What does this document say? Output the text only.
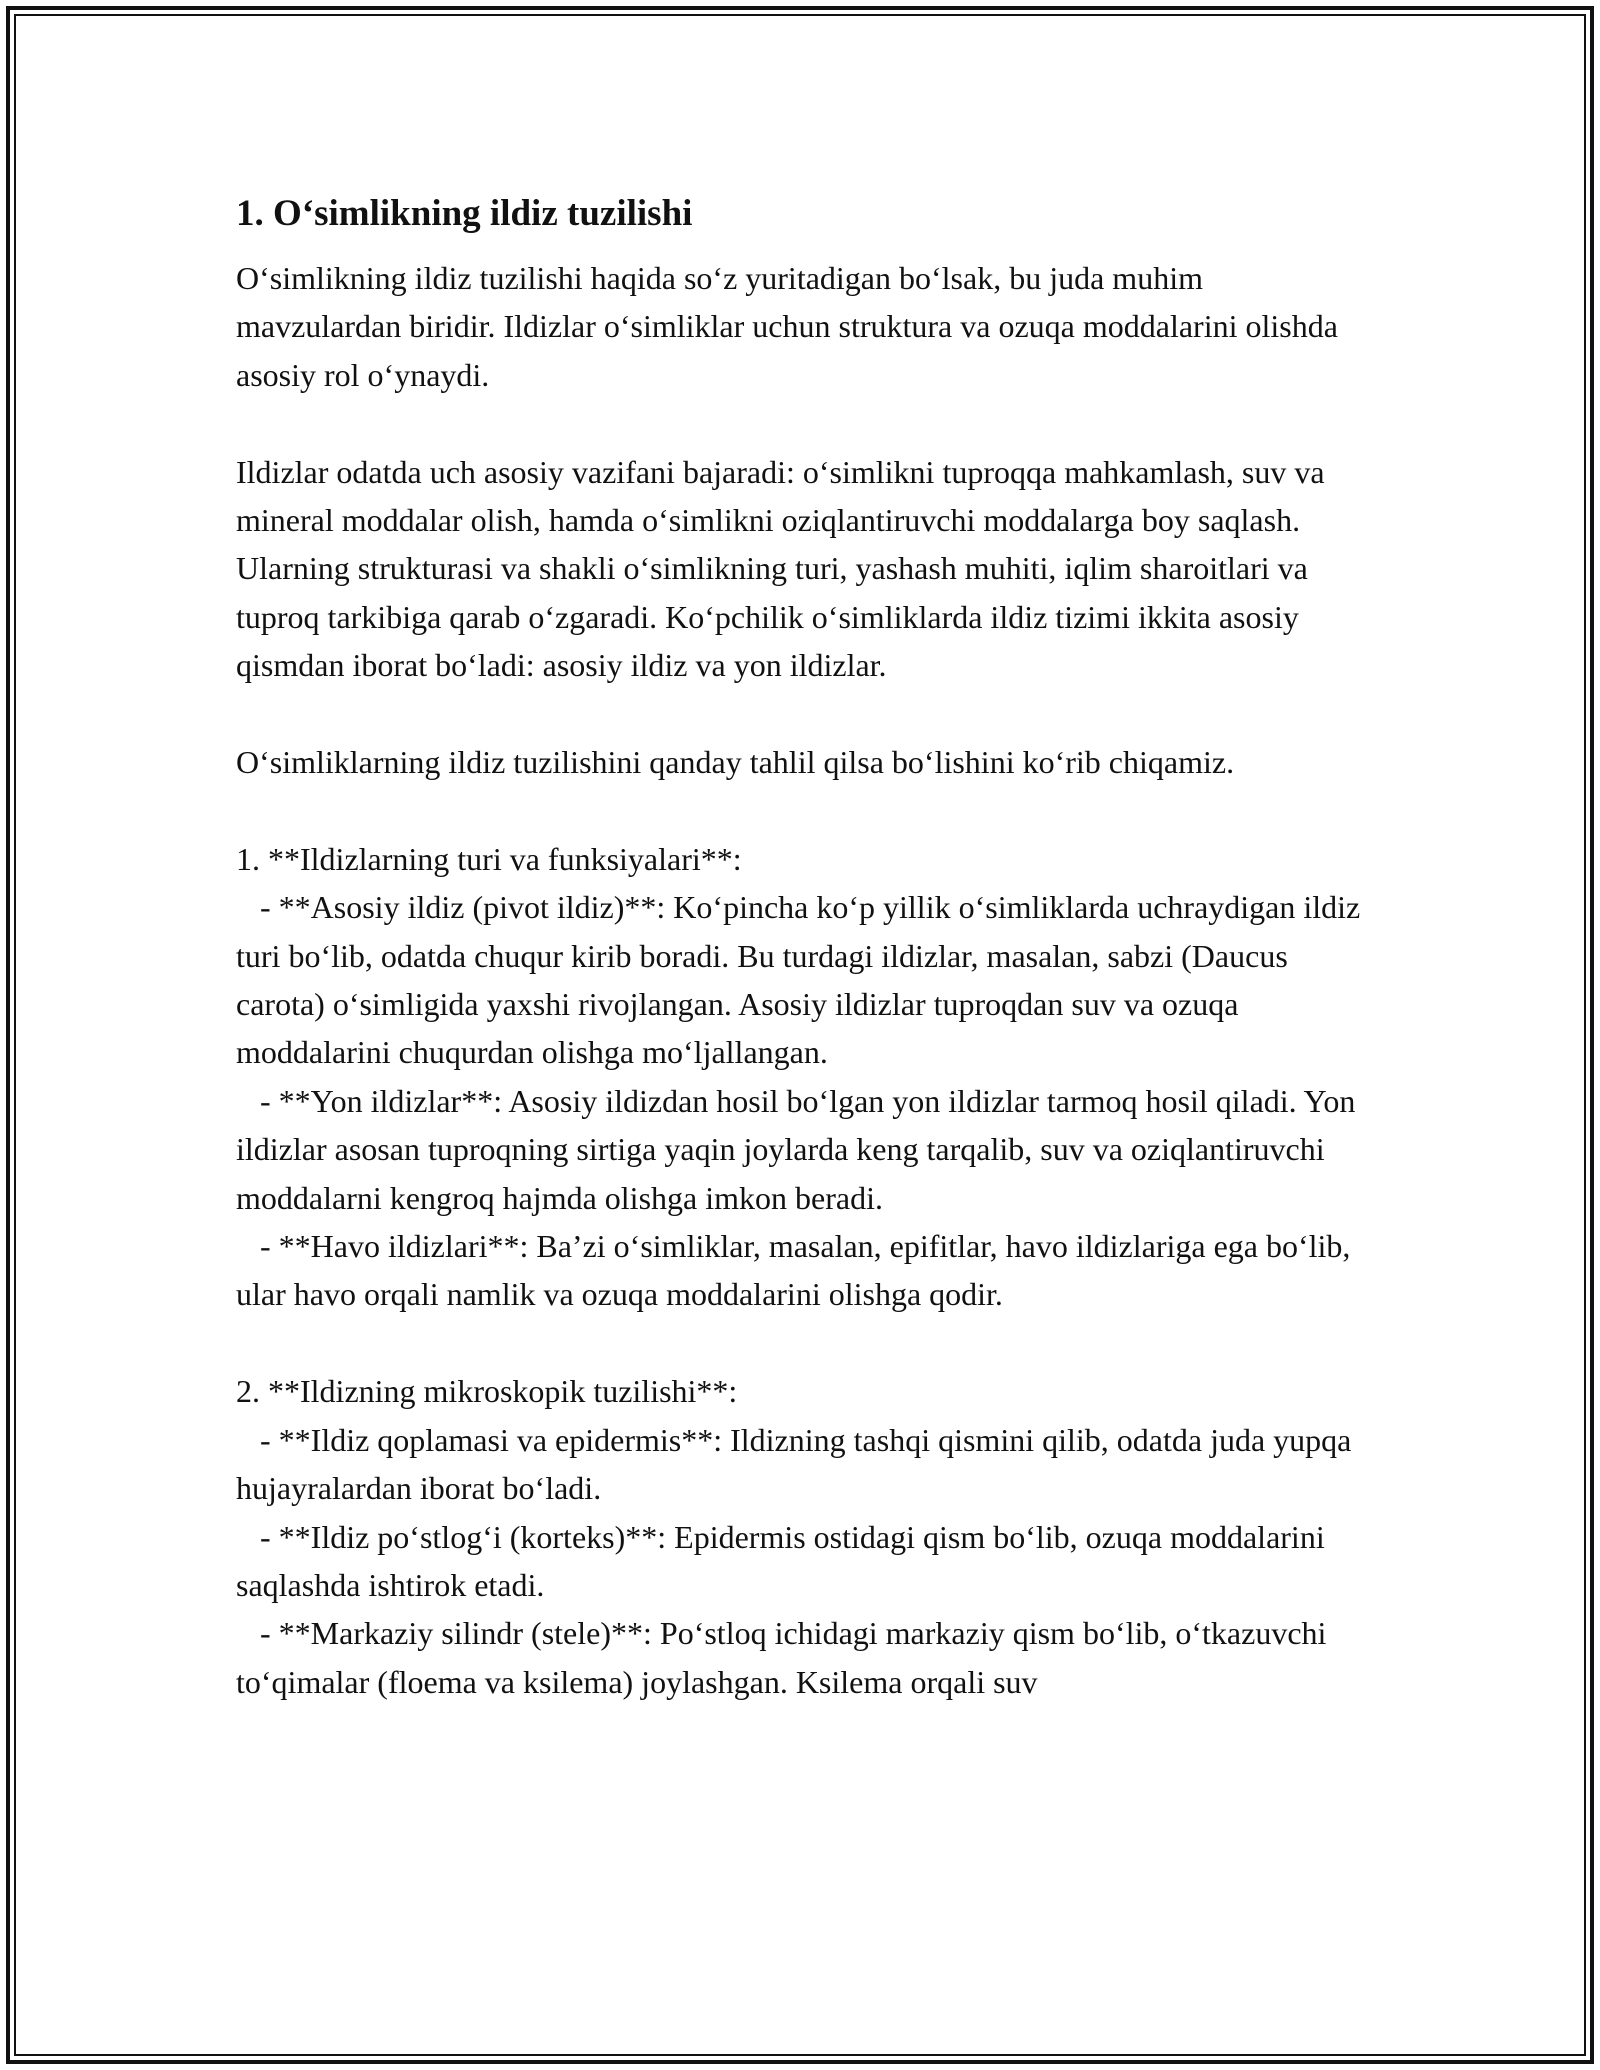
1. O‘simlikning ildiz tuzilishi

O‘simlikning ildiz tuzilishi haqida so‘z yuritadigan bo‘lsak, bu juda muhim mavzulardan biridir. Ildizlar o‘simliklar uchun struktura va ozuqa moddalarini olishda asosiy rol o‘ynaydi.

Ildizlar odatda uch asosiy vazifani bajaradi: o‘simlikni tuproqqa mahkamlash, suv va mineral moddalar olish, hamda o‘simlikni oziqlantiruvchi moddalarga boy saqlash. Ularning strukturasi va shakli o‘simlikning turi, yashash muhiti, iqlim sharoitlari va tuproq tarkibiga qarab o‘zgaradi. Ko‘pchilik o‘simliklarda ildiz tizimi ikkita asosiy qismdan iborat bo‘ladi: asosiy ildiz va yon ildizlar.

O‘simliklarning ildiz tuzilishini qanday tahlil qilsa bo‘lishini ko‘rib chiqamiz.

1. **Ildizlarning turi va funksiyalari**:

- **Asosiy ildiz (pivot ildiz)**: Ko‘pincha ko‘p yillik o‘simliklarda uchraydigan ildiz turi bo‘lib, odatda chuqur kirib boradi. Bu turdagi ildizlar, masalan, sabzi (Daucus carota) o‘simligida yaxshi rivojlangan. Asosiy ildizlar tuproqdan suv va ozuqa moddalarini chuqurdan olishga mo‘ljallangan.

- **Yon ildizlar**: Asosiy ildizdan hosil bo‘lgan yon ildizlar tarmoq hosil qiladi. Yon ildizlar asosan tuproqning sirtiga yaqin joylarda keng tarqalib, suv va oziqlantiruvchi moddalarni kengroq hajmda olishga imkon beradi.

- **Havo ildizlari**: Ba’zi o‘simliklar, masalan, epifitlar, havo ildizlariga ega bo‘lib, ular havo orqali namlik va ozuqa moddalarini olishga qodir.

2. **Ildizning mikroskopik tuzilishi**:

- **Ildiz qoplamasi va epidermis**: Ildizning tashqi qismini qilib, odatda juda yupqa hujayralardan iborat bo‘ladi.

- **Ildiz po‘stlog‘i (korteks)**: Epidermis ostidagi qism bo‘lib, ozuqa moddalarini saqlashda ishtirok etadi.

- **Markaziy silindr (stele)**: Po‘stloq ichidagi markaziy qism bo‘lib, o‘tkazuvchi to‘qimalar (floema va ksilema) joylashgan. Ksilema orqali suv
